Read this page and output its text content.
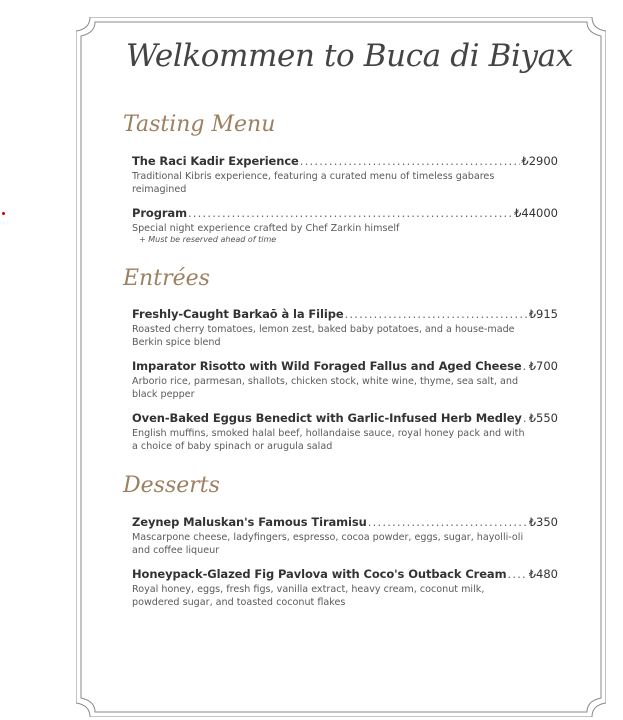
Welkommen to Buca di Biyax
Tasting Menu
The Raci Kadir Experience .....	₺2900
Traditional Kibris experience, featuring a curated menu of timeless gabares reimagined
Program .....	₺44000
Special night experience crafted by Chef Zarkin himself
+ Must be reserved ahead of time
Entrées
Freshly-Caught Barkaō à la Filipe .....	₺915
Roasted cherry tomatoes, lemon zest, baked baby potatoes, and a house-made Berkin spice blend
Imparator Risotto with Wild Foraged Fallus and Aged Cheese ..... ₺700
Arborio rice, parmesan, shallots, chicken stock, white wine, thyme, sea salt, and black pepper
Oven-Baked Eggus Benedict with Garlic-Infused Herb Medley ..... ₺550
English muffins, smoked halal beef, hollandaise sauce, royal honey pack and with a choice of baby spinach or arugula salad
Desserts
Zeynep Maluskan's Famous Tiramisu .....	₺350
Mascarpone cheese, ladyfingers, espresso, cocoa powder, eggs, sugar, hayolli-oli and coffee liqueur
Honeypack-Glazed Fig Pavlova with Coco's Outback Cream ..... ₺480
Royal honey, eggs, fresh figs, vanilla extract, heavy cream, coconut milk, powdered sugar, and toasted coconut flakes
